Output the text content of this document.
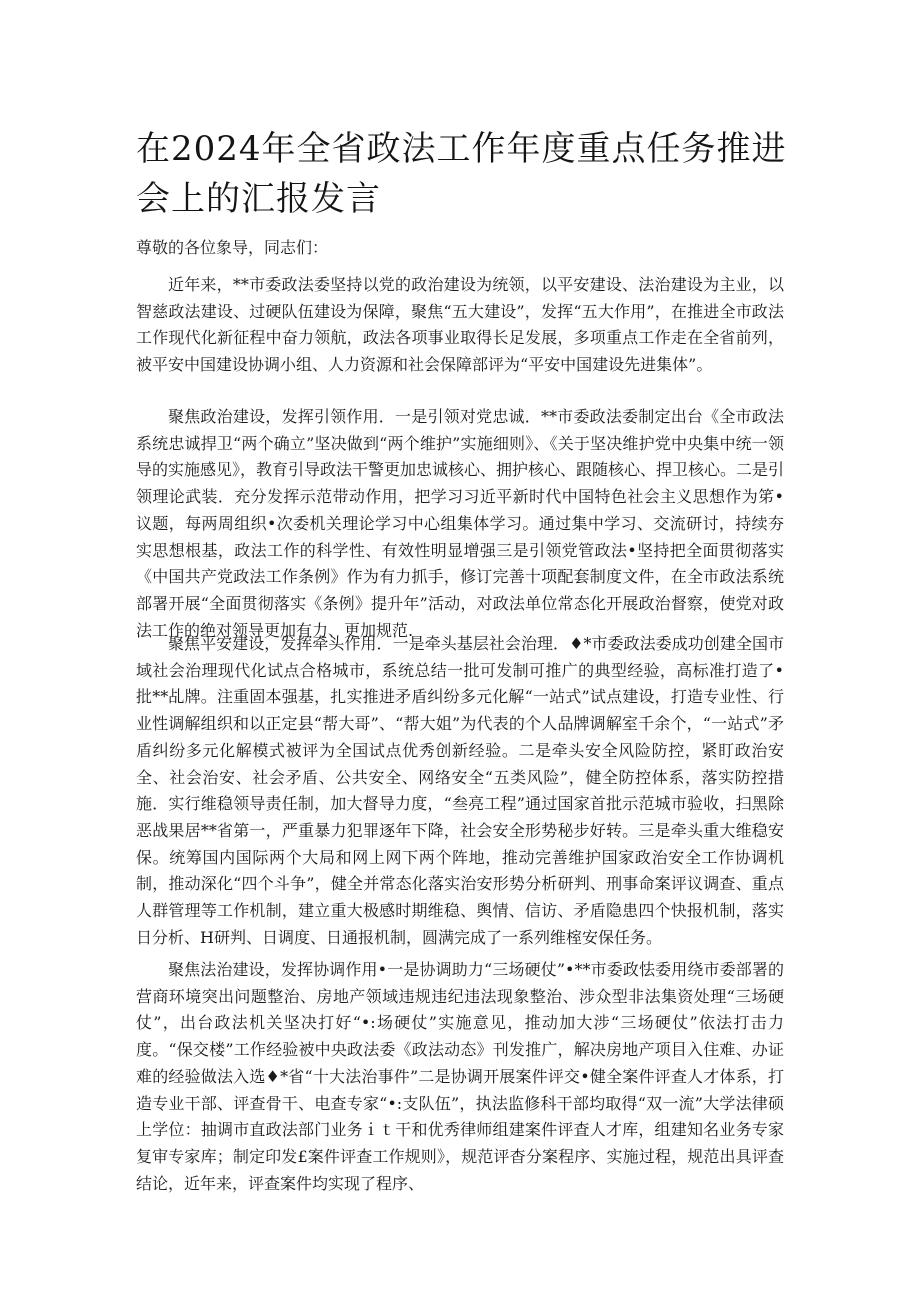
在2024年全省政法工作年度重点任务推进会上的汇报发言

尊敬的各位象导，同志们：

近年来，**市委政法委坚持以党的政治建设为统领，以平安建设、法治建设为主业，以智慈政法建设、过硬队伍建设为保障，聚焦“五大建设”，发挥“五大作用”，在推进全市政法工作现代化新征程中奋力领航，政法各项事业取得长足发展，多项重点工作走在全省前列，被平安中国建设协调小组、人力资源和社会保障部评为“平安中国建设先进集体”。

聚焦政治建设，发挥引领作用．一是引领对党忠诚．**市委政法委制定出台《全市政法系统忠诚捍卫“两个确立”坚决做到“两个维护”实施细则》、《关于坚决维护党中央集中统一领导的实施感见》，教育引导政法干警更加忠诚核心、拥护核心、跟随核心、捍卫核心。二是引领理论武装．充分发挥示范带动作用，把学习习近平新时代中国特色社会主义思想作为笫•议题，每两周组织•次委机关理论学习中心组集体学习。通过集中学习、交流研讨，持续夯实思想根基，政法工作的科学性、有效性明显增强三是引领党管政法•坚持把全面贯彻落实《中国共产党政法工作条例》作为有力抓手，修订完善十项配套制度文件，在全市政法系统部署开展“全面贯彻落实《条例》提升年”活动，对政法单位常态化开展政治督察，使党对政法工作的绝对领导更加有力、更加规范.

聚焦平安建设，发挥牵头作用．一是牵头基层社会治理．♦*市委政法委成功创建全国市域社会治理现代化试点合格城市，系统总结一批可发制可推广的典型经验，高标准打造了•批**乩牌。注重固本强基，扎实推进矛盾纠纷多元化解“一站式”试点建设，打造专业性、行业性调解组织和以正定县“帮大哥”、“帮大姐”为代表的个人品牌调解室千余个，“一站式”矛盾纠纷多元化解模式被评为全国试点优秀创新经验。二是牵头安全风险防控，紧盯政治安全、社会治安、社会矛盾、公共安全、网络安全“五类风险”，健全防控体系，落实防控措施．实行维稳领导责任制，加大督导力度，“叁亮工程”通过国家首批示范城市验收，扫黑除恶战果居**省第一，严重暴力犯罪逐年下降，社会安全形势秘步好转。三是牵头重大维稳安保。统筹国内国际两个大局和网上网下两个阵地，推动完善维护国家政治安全工作协调机制，推动深化“四个斗争”，健全并常态化落实治安形势分析研判、刑事命案评议调查、重点人群管理等工作机制，建立重大极感时期维稳、舆情、信访、矛盾隐患四个快报机制，落实日分析、H研判、日调度、日通报机制，圆满完成了一系列维榁安保任务。

聚焦法治建设，发挥协调作用•一是协调助力“三场硬仗”•**市委政怯委用绕市委部署的营商环境突出问题整治、房地产领域违规违纪违法现象整治、涉众型非法集资处理“三场硬仗”，出台政法机关坚决打好“•:场硬仗”实施意见，推动加大涉“三场硬仗”依法打击力度。“保交楼”工作经验被中央政法委《政法动态》刊发推广，解决房地产项目入住难、办证难的经验做法入选♦*省“十大法治事件”二是协调开展案件评交•健全案件评查人才体系，打造专业干部、评查骨干、电查专家“•:支队伍”，执法监修科干部均取得“双一流”大学法律硕上学位：抽调市直政法部门业务ｉｔ干和优秀律师组建案件评査人才库，组建知名业务专家复审专家库；制定印发£案件评查工作规则》，规范评杳分案程序、实施过程，规范出具评查结论，近年来，评查案件均实现了程序、
